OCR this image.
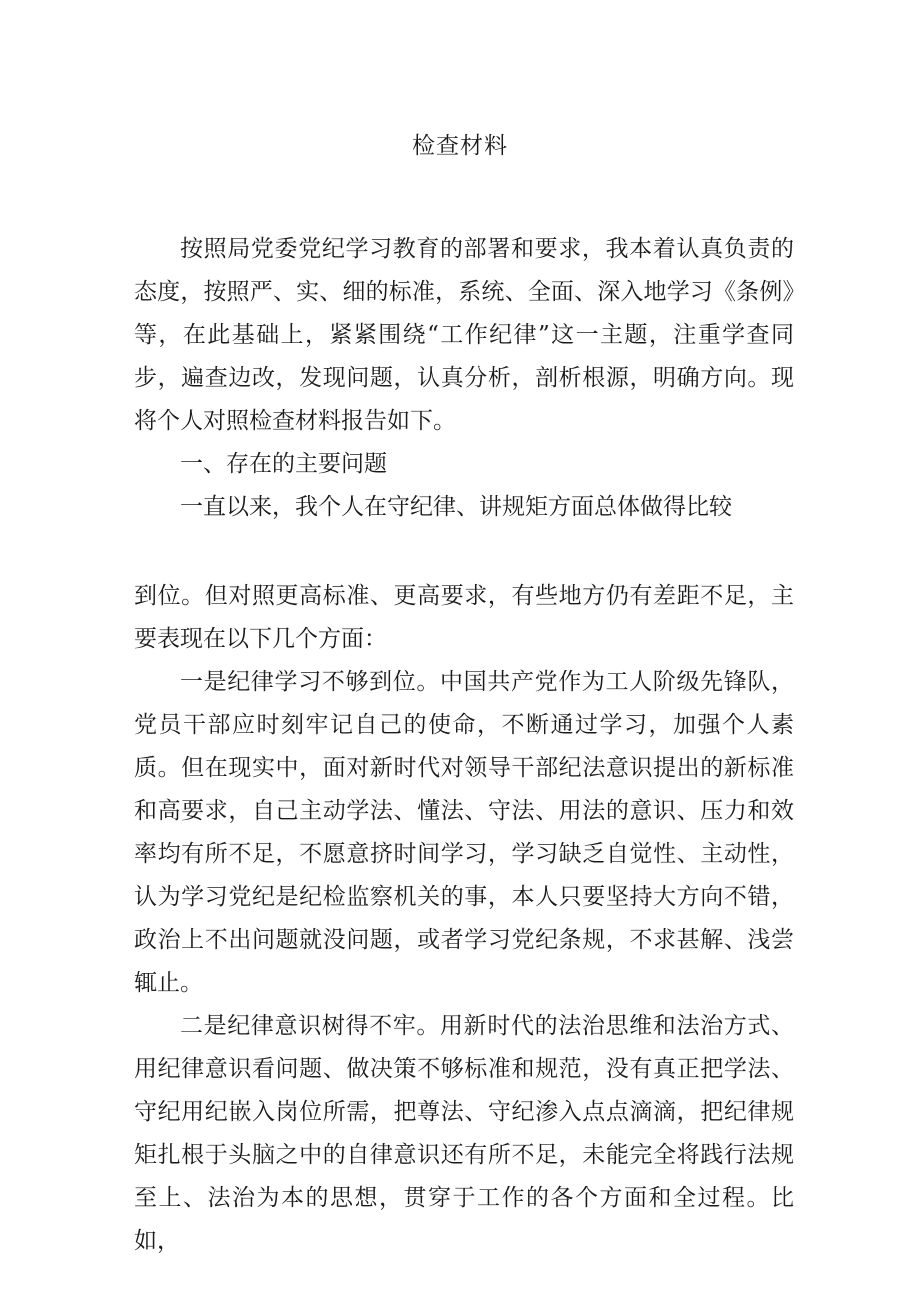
检查材料

按照局党委党纪学习教育的部署和要求，我本着认真负责的态度，按照严、实、细的标准，系统、全面、深入地学习《条例》等，在此基础上，紧紧围绕“工作纪律”这一主题，注重学查同步，遍查边改，发现问题，认真分析，剖析根源，明确方向。现将个人对照检查材料报告如下。

一、存在的主要问题

一直以来，我个人在守纪律、讲规矩方面总体做得比较

到位。但对照更高标准、更高要求，有些地方仍有差距不足，主要表现在以下几个方面：

一是纪律学习不够到位。中国共产党作为工人阶级先锋队，党员干部应时刻牢记自己的使命，不断通过学习，加强个人素质。但在现实中，面对新时代对领导干部纪法意识提出的新标准和高要求，自己主动学法、懂法、守法、用法的意识、压力和效率均有所不足，不愿意挤时间学习，学习缺乏自觉性、主动性，认为学习党纪是纪检监察机关的事，本人只要坚持大方向不错，政治上不出问题就没问题，或者学习党纪条规，不求甚解、浅尝辄止。

二是纪律意识树得不牢。用新时代的法治思维和法治方式、用纪律意识看问题、做决策不够标准和规范，没有真正把学法、守纪用纪嵌入岗位所需，把尊法、守纪渗入点点滴滴，把纪律规矩扎根于头脑之中的自律意识还有所不足，未能完全将践行法规至上、法治为本的思想，贯穿于工作的各个方面和全过程。比如，
